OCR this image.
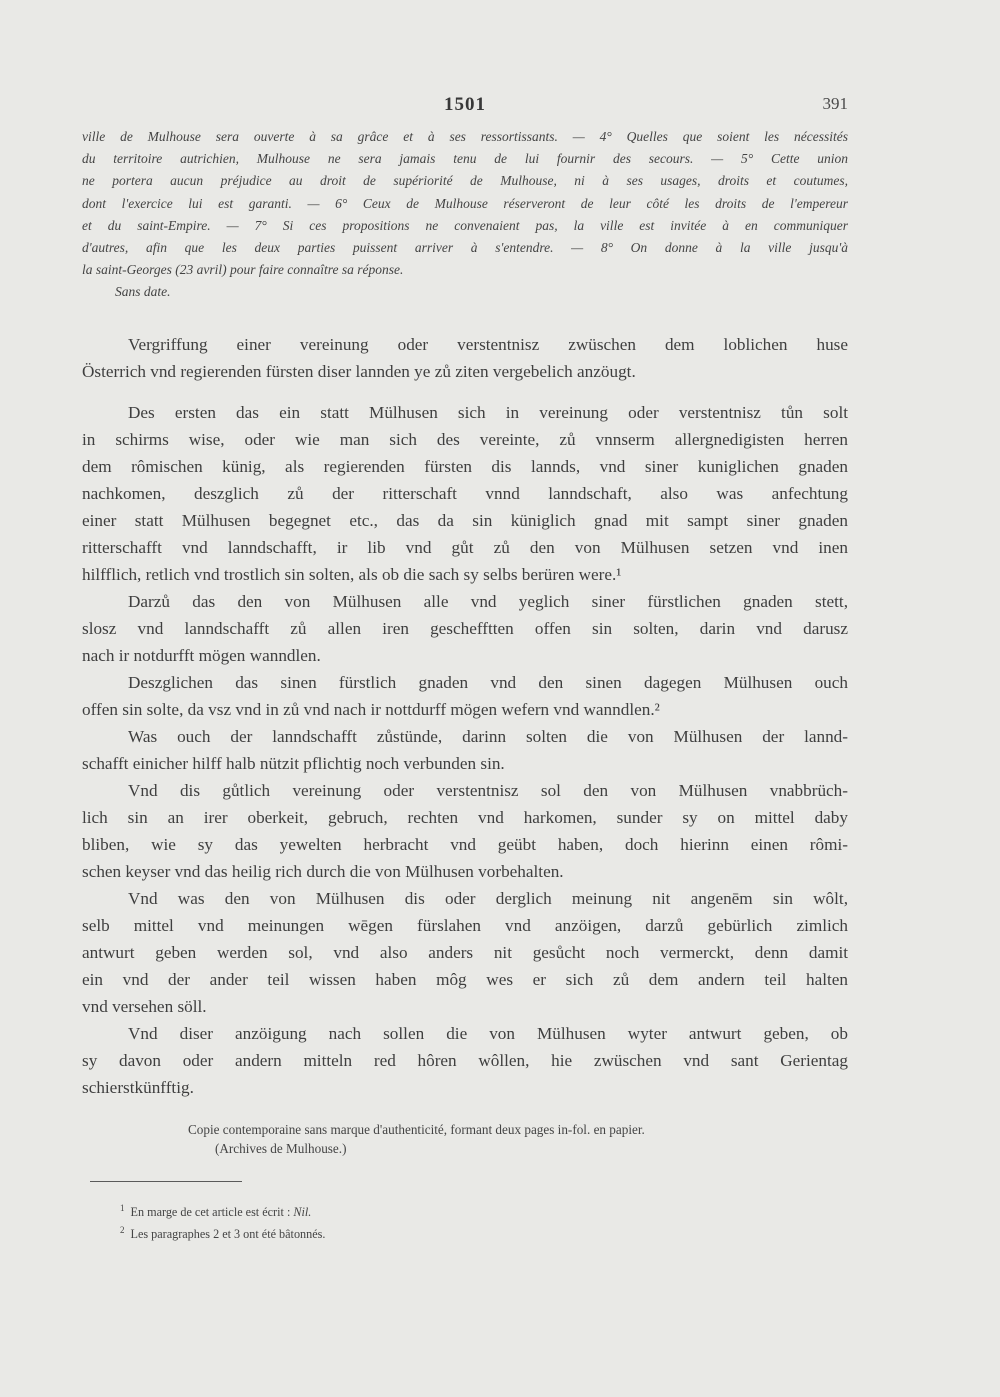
1501	391
ville de Mulhouse sera ouverte à sa grâce et à ses ressortissants. — 4° Quelles que soient les nécessités
du territoire autrichien, Mulhouse ne sera jamais tenu de lui fournir des secours. — 5° Cette union
ne portera aucun préjudice au droit de supériorité de Mulhouse, ni à ses usages, droits et coutumes,
dont l'exercice lui est garanti. — 6° Ceux de Mulhouse réserveront de leur côté les droits de l'empereur
et du saint-Empire. — 7° Si ces propositions ne convenaient pas, la ville est invitée à en communiquer
d'autres, afin que les deux parties puissent arriver à s'entendre. — 8° On donne à la ville jusqu'à
la saint-Georges (23 avril) pour faire connaître sa réponse.
Sans date.
Vergriffung einer vereinung oder verstentnisz zwüschen dem loblichen huse
Österrich vnd regierenden fürsten diser lannden ye zů ziten vergebelich anzöugt.
Des ersten das ein statt Mülhusen sich in vereinung oder verstentnisz tůn solt
in schirms wise, oder wie man sich des vereinte, zů vnnserm allergnedigisten herren
dem rômischen künig, als regierenden fürsten dis lannds, vnd siner kuniglichen gnaden
nachkomen, deszglich zů der ritterschaft vnnd lanndschaft, also was anfechtung
einer statt Mülhusen begegnet etc., das da sin küniglich gnad mit sampt siner gnaden
ritterschafft vnd lanndschafft, ir lib vnd gůt zů den von Mülhusen setzen vnd inen
hilfflich, retlich vnd trostlich sin solten, als ob die sach sy selbs berüren were.¹
Darzů das den von Mülhusen alle vnd yeglich siner fürstlichen gnaden stett,
slosz vnd lanndschafft zů allen iren geschefftten offen sin solten, darin vnd darusz
nach ir notdurfft mögen wanndlen.
Deszglichen das sinen fürstlich gnaden vnd den sinen dagegen Mülhusen ouch
offen sin solte, da vsz vnd in zů vnd nach ir nottdurff mögen wefern vnd wanndlen.²
Was ouch der lanndschafft zůstünde, darinn solten die von Mülhusen der lannd-
schafft einicher hilff halb nützit pflichtig noch verbunden sin.
Vnd dis gůtlich vereinung oder verstentnisz sol den von Mülhusen vnabbrüch-
lich sin an irer oberkeit, gebruch, rechten vnd harkomen, sunder sy on mittel daby
bliben, wie sy das yewelten herbracht vnd geübt haben, doch hierinn einen rômi-
schen keyser vnd das heilig rich durch die von Mülhusen vorbehalten.
Vnd was den von Mülhusen dis oder derglich meinung nit angenēm sin wôlt,
selb mittel vnd meinungen wēgen fürslahen vnd anzöigen, darzů gebürlich zimlich
antwurt geben werden sol, vnd also anders nit gesůcht noch vermerckt, denn damit
ein vnd der ander teil wissen haben môg wes er sich zů dem andern teil halten
vnd versehen söll.
Vnd diser anzöigung nach sollen die von Mülhusen wyter antwurt geben, ob
sy davon oder andern mitteln red hôren wôllen, hie zwüschen vnd sant Gerientag
schierstkünfftig.
Copie contemporaine sans marque d'authenticité, formant deux pages in-fol. en papier.
(Archives de Mulhouse.)
$^1$ En marge de cet article est écrit : Nil.
$^2$ Les paragraphes 2 et 3 ont été bâtonnés.
